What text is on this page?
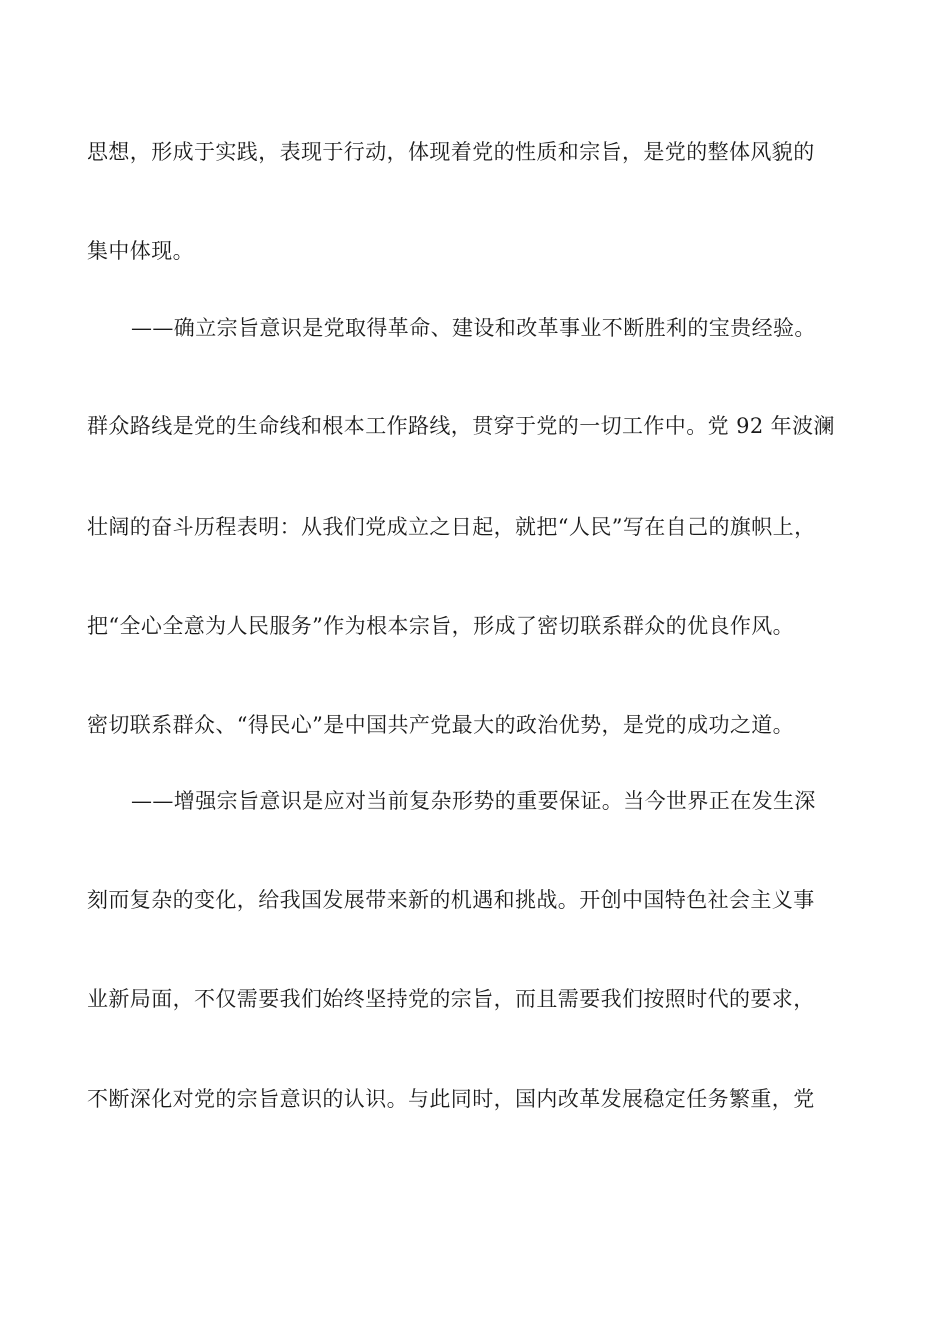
思想，形成于实践，表现于行动，体现着党的性质和宗旨，是党的整体风貌的
集中体现。
——确立宗旨意识是党取得革命、建设和改革事业不断胜利的宝贵经验。
群众路线是党的生命线和根本工作路线，贯穿于党的一切工作中。党 92 年波澜
壮阔的奋斗历程表明：从我们党成立之日起，就把“人民”写在自己的旗帜上，
把“全心全意为人民服务”作为根本宗旨，形成了密切联系群众的优良作风。
密切联系群众、“得民心”是中国共产党最大的政治优势，是党的成功之道。
——增强宗旨意识是应对当前复杂形势的重要保证。当今世界正在发生深
刻而复杂的变化，给我国发展带来新的机遇和挑战。开创中国特色社会主义事
业新局面，不仅需要我们始终坚持党的宗旨，而且需要我们按照时代的要求，
不断深化对党的宗旨意识的认识。与此同时，国内改革发展稳定任务繁重，党
